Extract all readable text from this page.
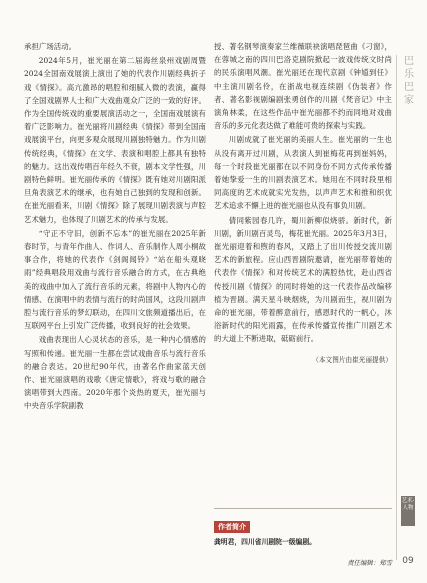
承担广场活动。

2024年5月，崔光丽在第二届海丝泉州戏剧周暨2024全国南戏展演上演出了她的代表作川剧经典折子戏《情探》。高亢激昂的唱腔和细腻入微的表演，赢得了全国戏剧界人士和广大戏曲观众广泛的一致的好评。作为全国传统戏的重要展演活动之一，全国南戏展演有着广泛影响力。崔光丽将川剧经典《情探》带到全国南戏展演平台，向更多观众展现川剧独特魅力。作为川剧传统经典，《情探》在文学、表演和唱腔上都具有独特的魅力。这出戏传唱百年经久不衰，剧本文学性强，川剧特色鲜明。崔光丽传承的《情探》既有她对川剧阳派旦角表演艺术的继承，也有她自己独到的发现和创新。在崔光丽看来，川剧《情探》除了展现川剧表演与声腔艺术魅力，也体现了川剧艺术的传承与发展。

“守正不守旧，创新不忘本”的崔光丽在2025年新春时节，与青年作曲人、作词人、音乐制作人周小桐故事合作，将她的代表作《剑阁闻铃》“站在船头观晓雨”经典唱段用戏曲与流行音乐融合的方式，在古典绝美的戏曲中加入了流行音乐的元素，将剧中人物内心的情感、在演唱中的表情与流行的时尚国风，这段川剧声腔与流行音乐的梦幻联动，在四川文旅频道播出后，在互联网平台上引发广泛传播，收到良好的社会效果。

戏曲表现出人心灵状态的音乐，是一种内心情感的写照和传递。崔光丽一生都在尝试戏曲音乐与流行音乐的融合表达。20世纪90年代，由著名作曲家蓝天创作、崔光丽演唱的戏歌《唐定情歌》，将戏与歌的融合演唱带到大西南。2020年那个炎热的夏天，崔光丽与中央音乐学院副教

授、著名钢琴演奏家兰维薇联袂演唱琵琶曲《刁窗》，在蓉城之南的四川巴洛克剧院掀起一波戏传统文时尚的民乐演唱风潮。崔光丽还在现代京剧《钟馗到任》中主演川剧名伶，在浙战电视连续剧《伪装者》作者、著名影视剧编剧张勇创作的川剧《梵音记》中主演角林柔，在这些作品中崔光丽都不约而同地对戏曲音乐的多元化表达做了难能可贵的探索与实践。

川剧成就了崔光丽的美丽人生。崔光丽的一生也从没有离开过川剧，从表演人到崔梅花再到崔妈妈，每一个时段崔光丽都在以不同身份不同方式传承传播着她挚爱一生的川剧表演艺术。她用在不同时段里相同高度的艺术成就实光发热，以声声艺术和推和织优艺术追求不懈上进的崔光丽也从没有事负川剧。

倩同紫园春几许，蜀川新柳似烧骄。新时代，新川剧，新川剧百灵鸟，梅花崔光丽。2025年3月3日，崔光丽迎着和煦的春风，又踏上了出川传授交流川剧艺术的新旅程。应山西晋剧院邀请，崔光丽带着她的代表作《情探》和对传统艺术的满腔热忱，赴山西省传授川剧《情探》的同时将她的这一代表作品改编移植为晋剧。满天星斗映烟烧，为川剧而生，视川剧为命的崔光丽，带着醉意前行，感恩时代的一帆心，沐浴新时代的阳光雨露，在传承传播宣传推广川剧艺术的大道上不断进取，砥砺前行。

（本文图片由崔光丽提供）

作者简介
龚明君，四川省川剧院一级编剧。
责任编辑：郑雪
巴
乐
巴
家
艺术·人物
09
